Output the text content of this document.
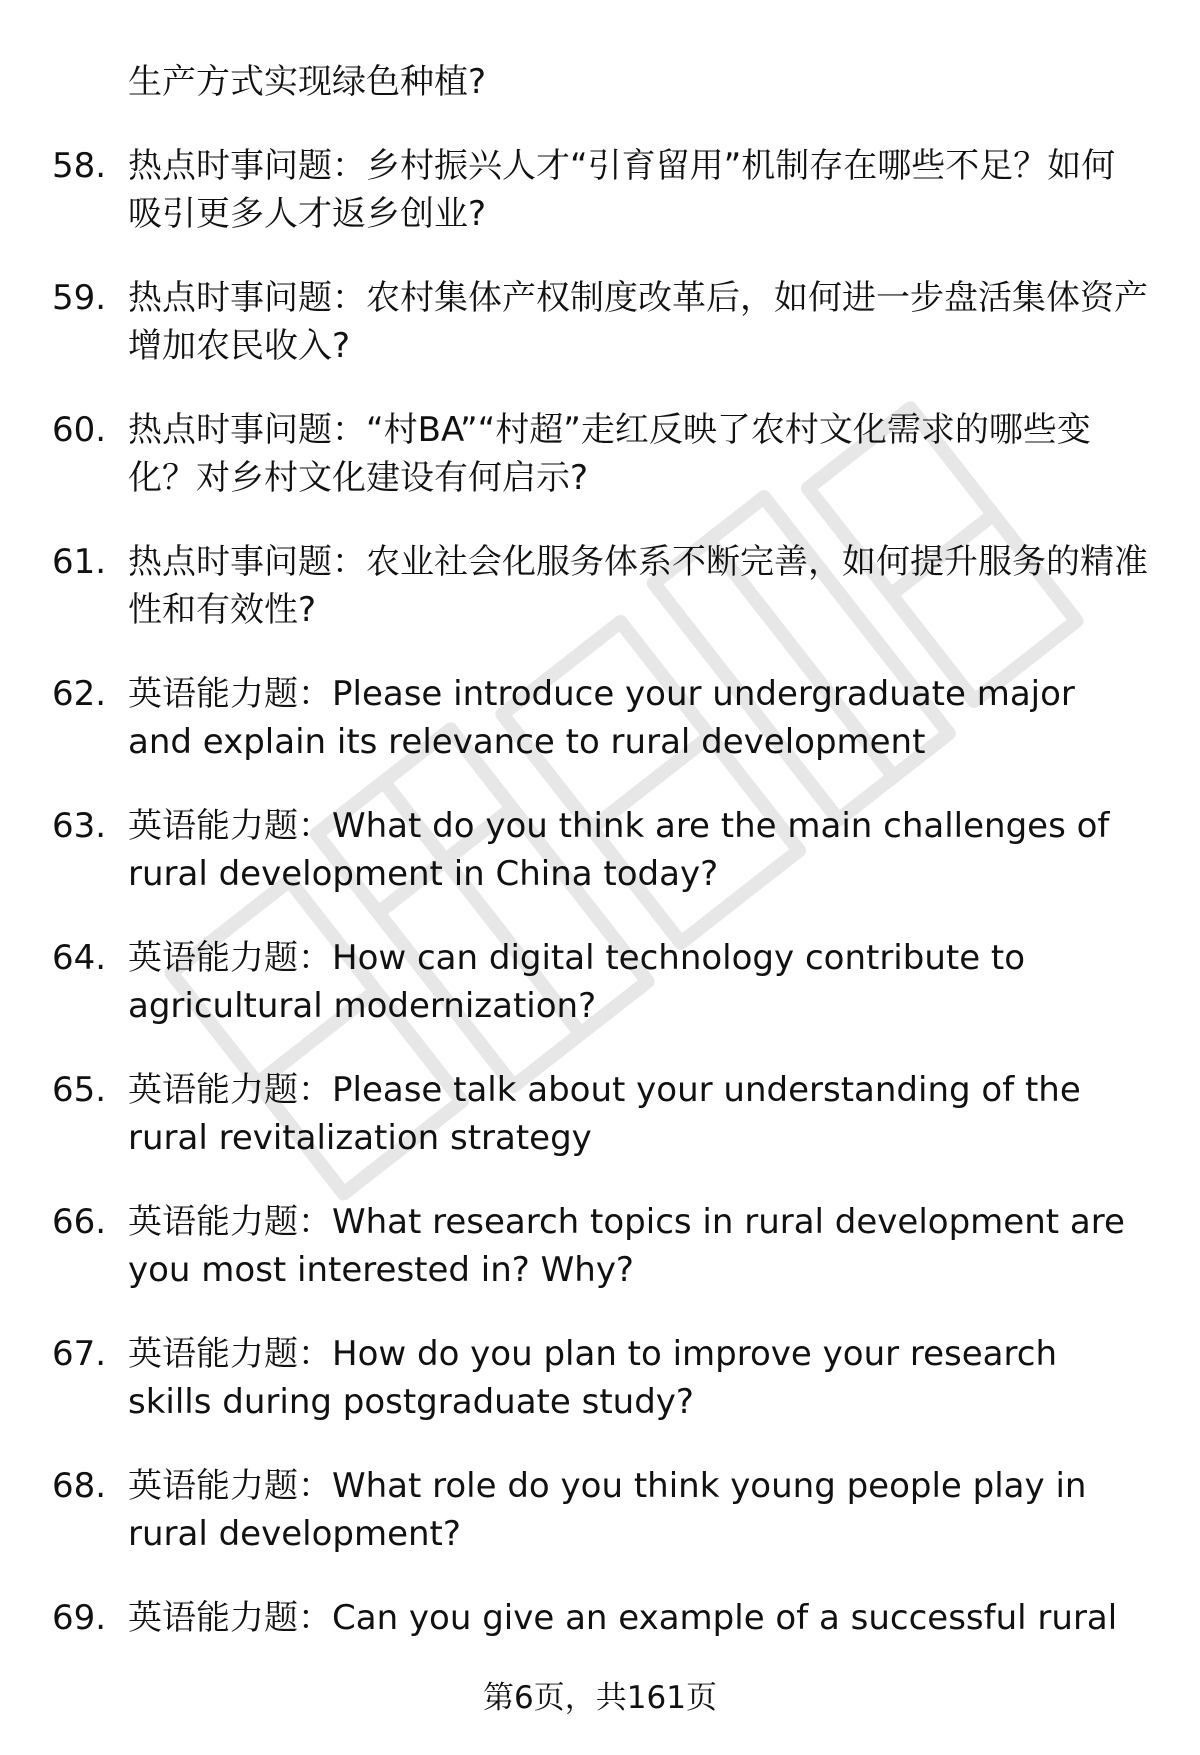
生产方式实现绿色种植?

58. 热点时事问题：乡村振兴人才“引育留用”机制存在哪些不足？如何吸引更多人才返乡创业?
59. 热点时事问题：农村集体产权制度改革后，如何进一步盘活集体资产增加农民收入?
60. 热点时事问题：“村BA”“村超”走红反映了农村文化需求的哪些变化？对乡村文化建设有何启示?
61. 热点时事问题：农业社会化服务体系不断完善，如何提升服务的精准性和有效性?
62. 英语能力题：Please introduce your undergraduate major and explain its relevance to rural development
63. 英语能力题：What do you think are the main challenges of rural development in China today?
64. 英语能力题：How can digital technology contribute to agricultural modernization?
65. 英语能力题：Please talk about your understanding of the rural revitalization strategy
66. 英语能力题：What research topics in rural development are you most interested in? Why?
67. 英语能力题：How do you plan to improve your research skills during postgraduate study?
68. 英语能力题：What role do you think young people play in rural development?
69. 英语能力题：Can you give an example of a successful rural
第6页，共161页
